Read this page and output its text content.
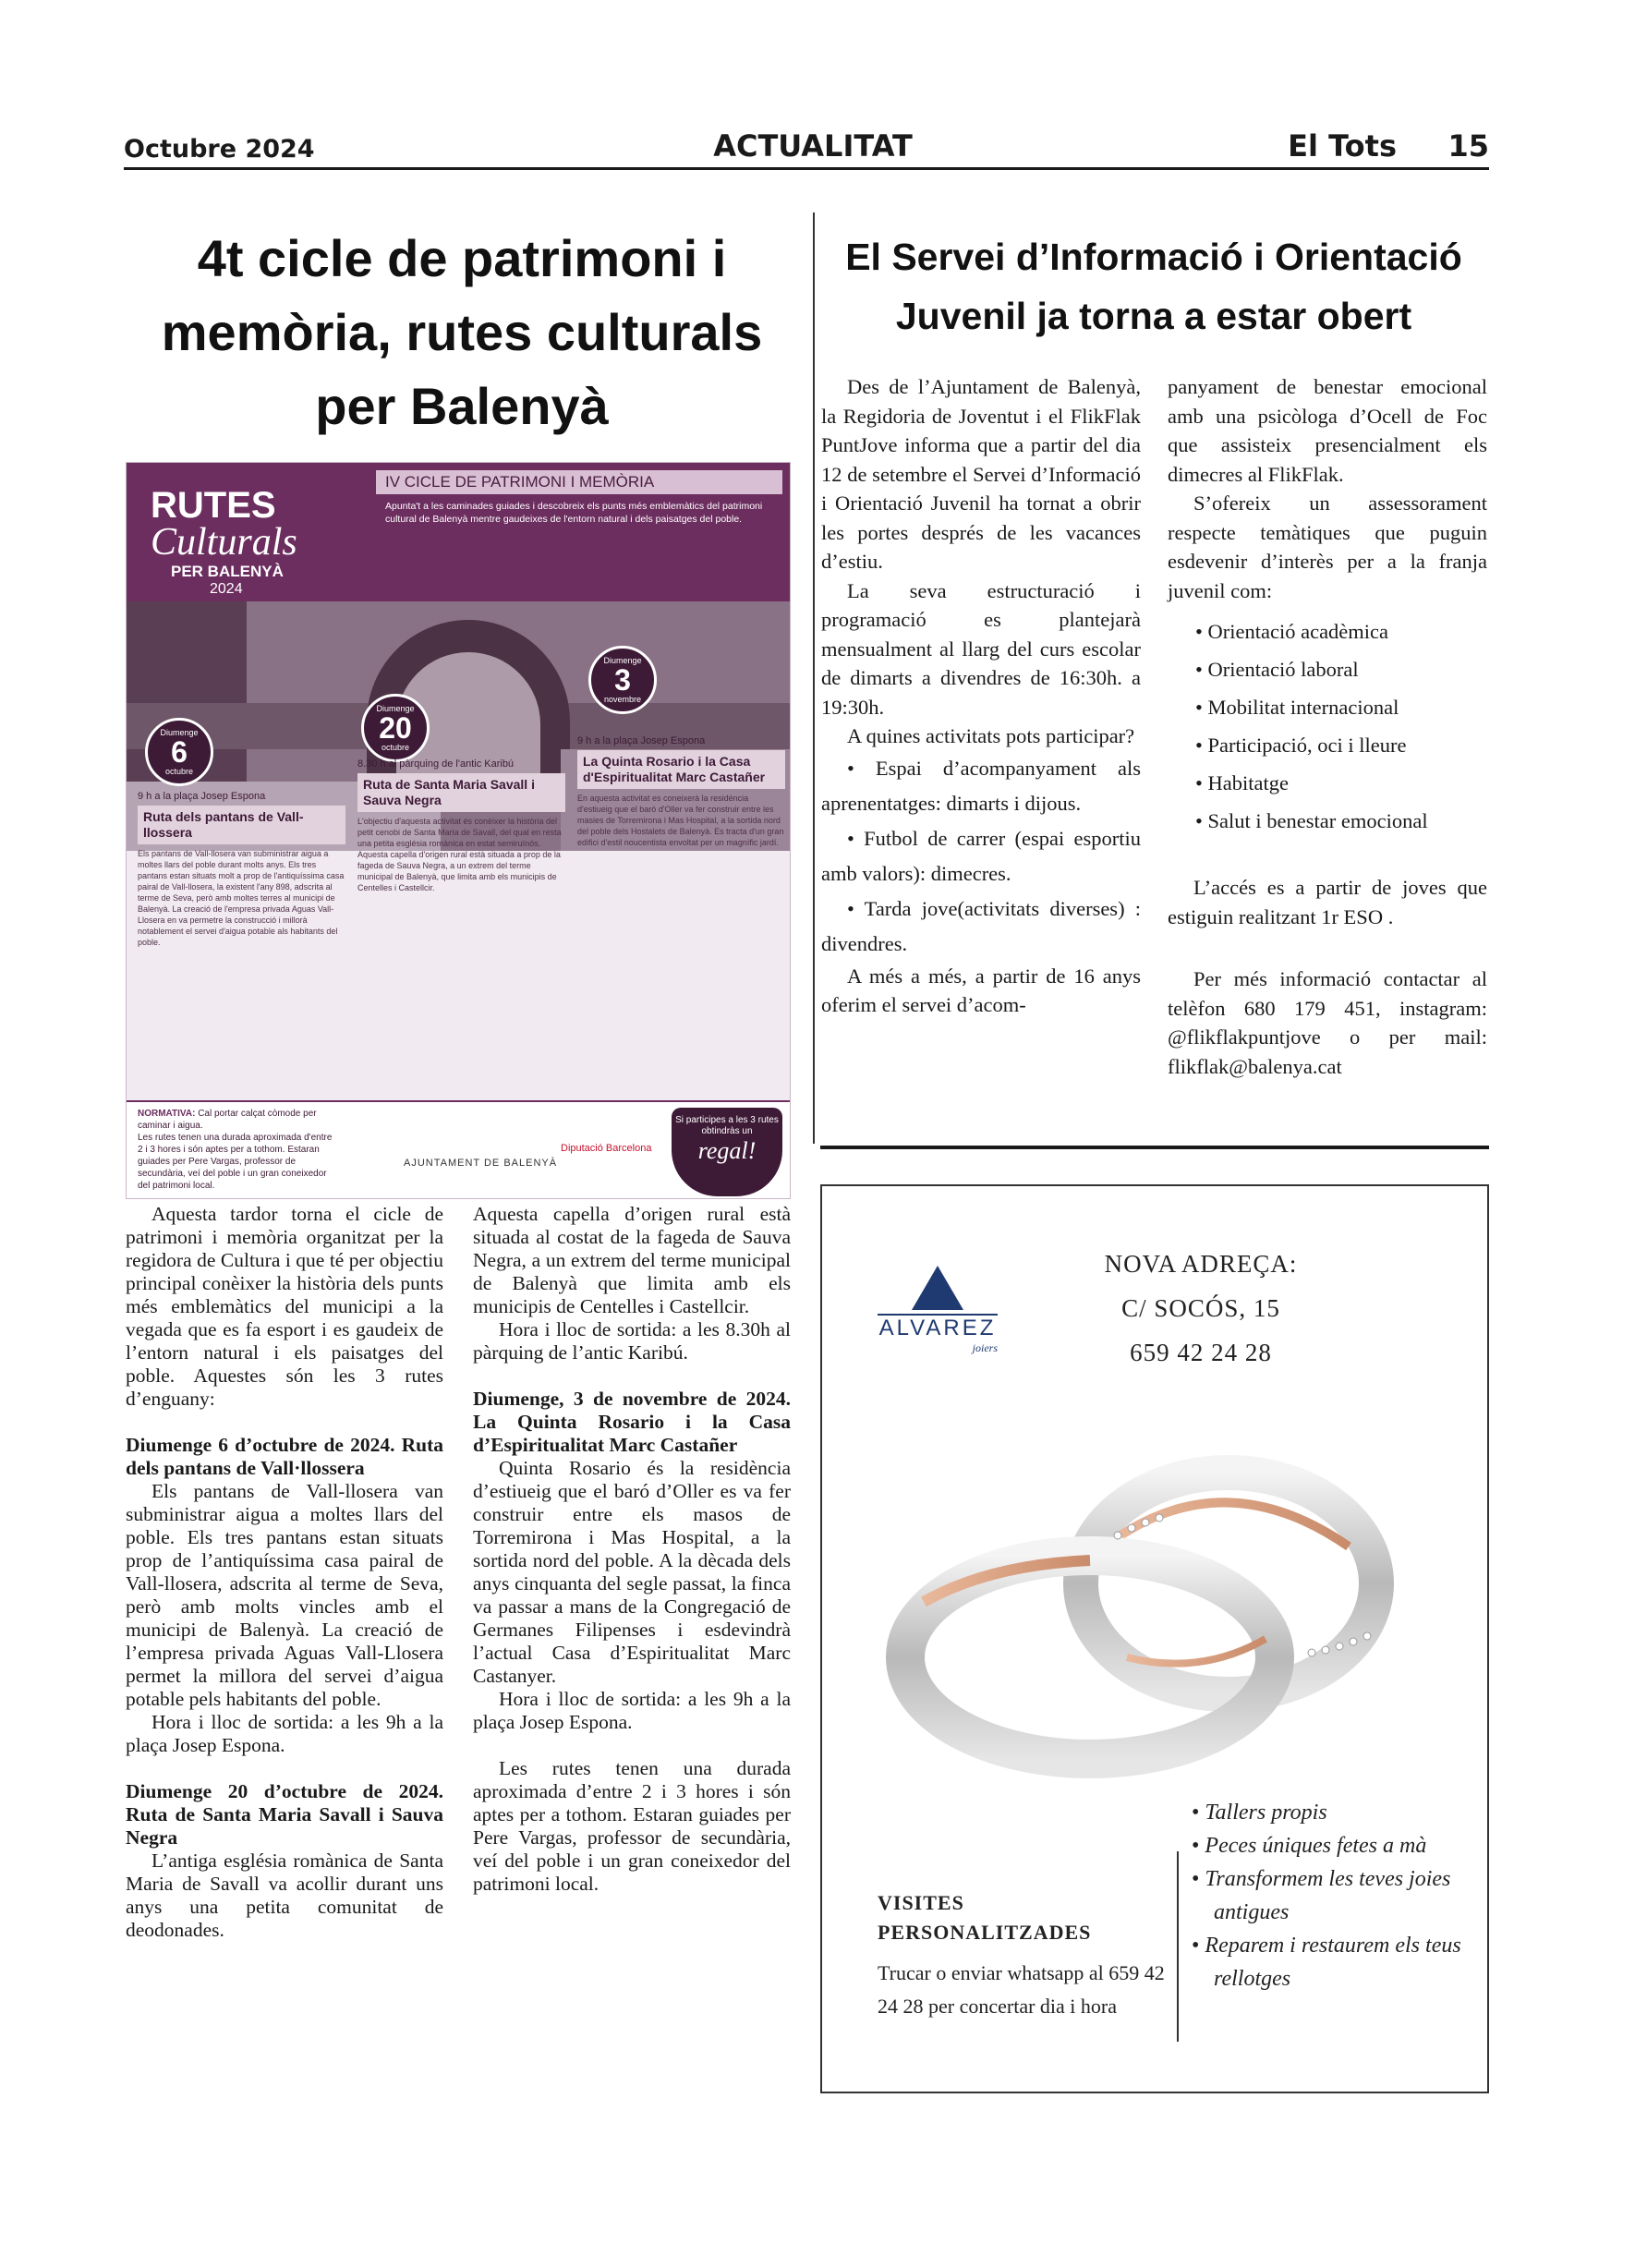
Octubre 2024	ACTUALITAT	El Tots 15
4t cicle de patrimoni i memòria, rutes culturals per Balenyà
RUTES
Culturals
PER BALENYÀ
2024
IV CICLE DE PATRIMONI I MEMÒRIA
Apunta't a les caminades guiades i descobreix els punts més emblemàtics del patrimoni cultural de Balenyà mentre gaudeixes de l'entorn natural i dels paisatges del poble.
Diumenge
6
octubre
Diumenge
20
octubre
Diumenge
3
novembre
9 h a la plaça Josep Espona
Ruta dels pantans de Vall-llossera
Els pantans de Vall-llosera van subministrar aigua a moltes llars del poble durant molts anys. Els tres pantans estan situats molt a prop de l'antiquíssima casa pairal de Vall-llosera, la existent l'any 898, adscrita al terme de Seva, però amb moltes terres al municipi de Balenyà. La creació de l'empresa privada Aguas Vall-Llosera en va permetre la construcció i millorà notablement el servei d'aigua potable als habitants del poble.
8.30 h al pàrquing de l'antic Karibú
Ruta de Santa Maria Savall i Sauva Negra
L'objectiu d'aquesta activitat és conèixer la història del petit cenobi de Santa Maria de Savall, del qual en resta una petita església romànica en estat semiruïnós. Aquesta capella d'origen rural està situada a prop de la fageda de Sauva Negra, a un extrem del terme municipal de Balenyà, que limita amb els municipis de Centelles i Castellcir.
9 h a la plaça Josep Espona
La Quinta Rosario i la Casa d'Espiritualitat Marc Castañer
En aquesta activitat es coneixerà la residència d'estiueig que el baró d'Oller va fer construir entre les masies de Torremirona i Mas Hospital, a la sortida nord del poble dels Hostalets de Balenyà. Es tracta d'un gran edifici d'estil noucentista envoltat per un magnífic jardí.
NORMATIVA: Cal portar calçat còmode per caminar i aigua.
Les rutes tenen una durada aproximada d'entre 2 i 3 hores i són aptes per a tothom. Estaran guiades per Pere Vargas, professor de secundària, veí del poble i un gran coneixedor del patrimoni local.
AJUNTAMENT DE BALENYÀ
Diputació Barcelona
Si participes a les 3 rutes obtindràs un
regal!

Aquesta tardor torna el cicle de patrimoni i memòria organitzat per la regidora de Cultura i que té per objectiu principal conèixer la història dels punts més emblemàtics del municipi a la vegada que es fa esport i es gaudeix de l’entorn natural i els paisatges del poble. Aquestes són les 3 rutes d’enguany:

Diumenge 6 d’octubre de 2024. Ruta dels pantans de Vall·llossera

Els pantans de Vall-llosera van subministrar aigua a moltes llars del poble. Els tres pantans estan situats prop de l’antiquíssima casa pairal de Vall-llosera, adscrita al terme de Seva, però amb molts vincles amb el municipi de Balenyà. La creació de l’empresa privada Aguas Vall-Llosera permet la millora del servei d’aigua potable pels habitants del poble.

Hora i lloc de sortida: a les 9h a la plaça Josep Espona.

Diumenge 20 d’octubre de 2024. Ruta de Santa Maria Savall i Sauva Negra

L’antiga església romànica de Santa Maria de Savall va acollir durant uns anys una petita comunitat de deodonades.

Aquesta capella d’origen rural està situada al costat de la fageda de Sauva Negra, a un extrem del terme municipal de Balenyà que limita amb els municipis de Centelles i Castellcir.

Hora i lloc de sortida: a les 8.30h al pàrquing de l’antic Karibú.

Diumenge, 3 de novembre de 2024. La Quinta Rosario i la Casa d’Espiritualitat Marc Castañer

Quinta Rosario és la residència d’estiueig que el baró d’Oller es va fer construir entre els masos de Torremirona i Mas Hospital, a la sortida nord del poble. A la dècada dels anys cinquanta del segle passat, la finca va passar a mans de la Congregació de Germanes Filipenses i esdevindrà l’actual Casa d’Espiritualitat Marc Castanyer.

Hora i lloc de sortida: a les 9h a la plaça Josep Espona.

Les rutes tenen una durada aproximada d’entre 2 i 3 hores i són aptes per a tothom. Estaran guiades per Pere Vargas, professor de secundària, veí del poble i un gran coneixedor del patrimoni local.

El Servei d’Informació i Orientació Juvenil ja torna a estar obert

Des de l’Ajuntament de Balenyà, la Regidoria de Joventut i el FlikFlak PuntJove informa que a partir del dia 12 de setembre el Servei d’Informació i Orientació Juvenil ha tornat a obrir les portes després de les vacances d’estiu.

La seva estructuració i programació es plantejarà mensualment al llarg del curs escolar de dimarts a divendres de 16:30h. a 19:30h.

A quines activitats pots participar?

• Espai d’acompanyament als aprenentatges: dimarts i dijous.

• Futbol de carrer (espai esportiu amb valors): dimecres.

• Tarda jove(activitats diverses) : divendres.

A més a més, a partir de 16 anys oferim el servei d’acom-

panyament de benestar emocional amb una psicòloga d’Ocell de Foc que assisteix presencialment els dimecres al FlikFlak.

S’ofereix un assessorament respecte temàtiques que puguin esdevenir d’interès per a la franja juvenil com:

• Orientació acadèmica
• Orientació laboral
• Mobilitat internacional
• Participació, oci i lleure
• Habitatge
• Salut i benestar emocional

L’accés es a partir de joves que estiguin realitzant 1r ESO .

Per més informació contactar al telèfon 680 179 451, instagram: @flikflakpuntjove o per mail: flikflak@balenya.cat

ALVAREZ
joiers
NOVA ADREÇA:
C/ SOCÓS, 15
659 42 24 28
• Tallers propis
• Peces úniques fetes a mà
• Transformem les teves joies antigues
• Reparem i restaurem els teus rellotges
VISITES PERSONALITZADES
Trucar o enviar whatsapp al 659 42 24 28 per concertar dia i hora
